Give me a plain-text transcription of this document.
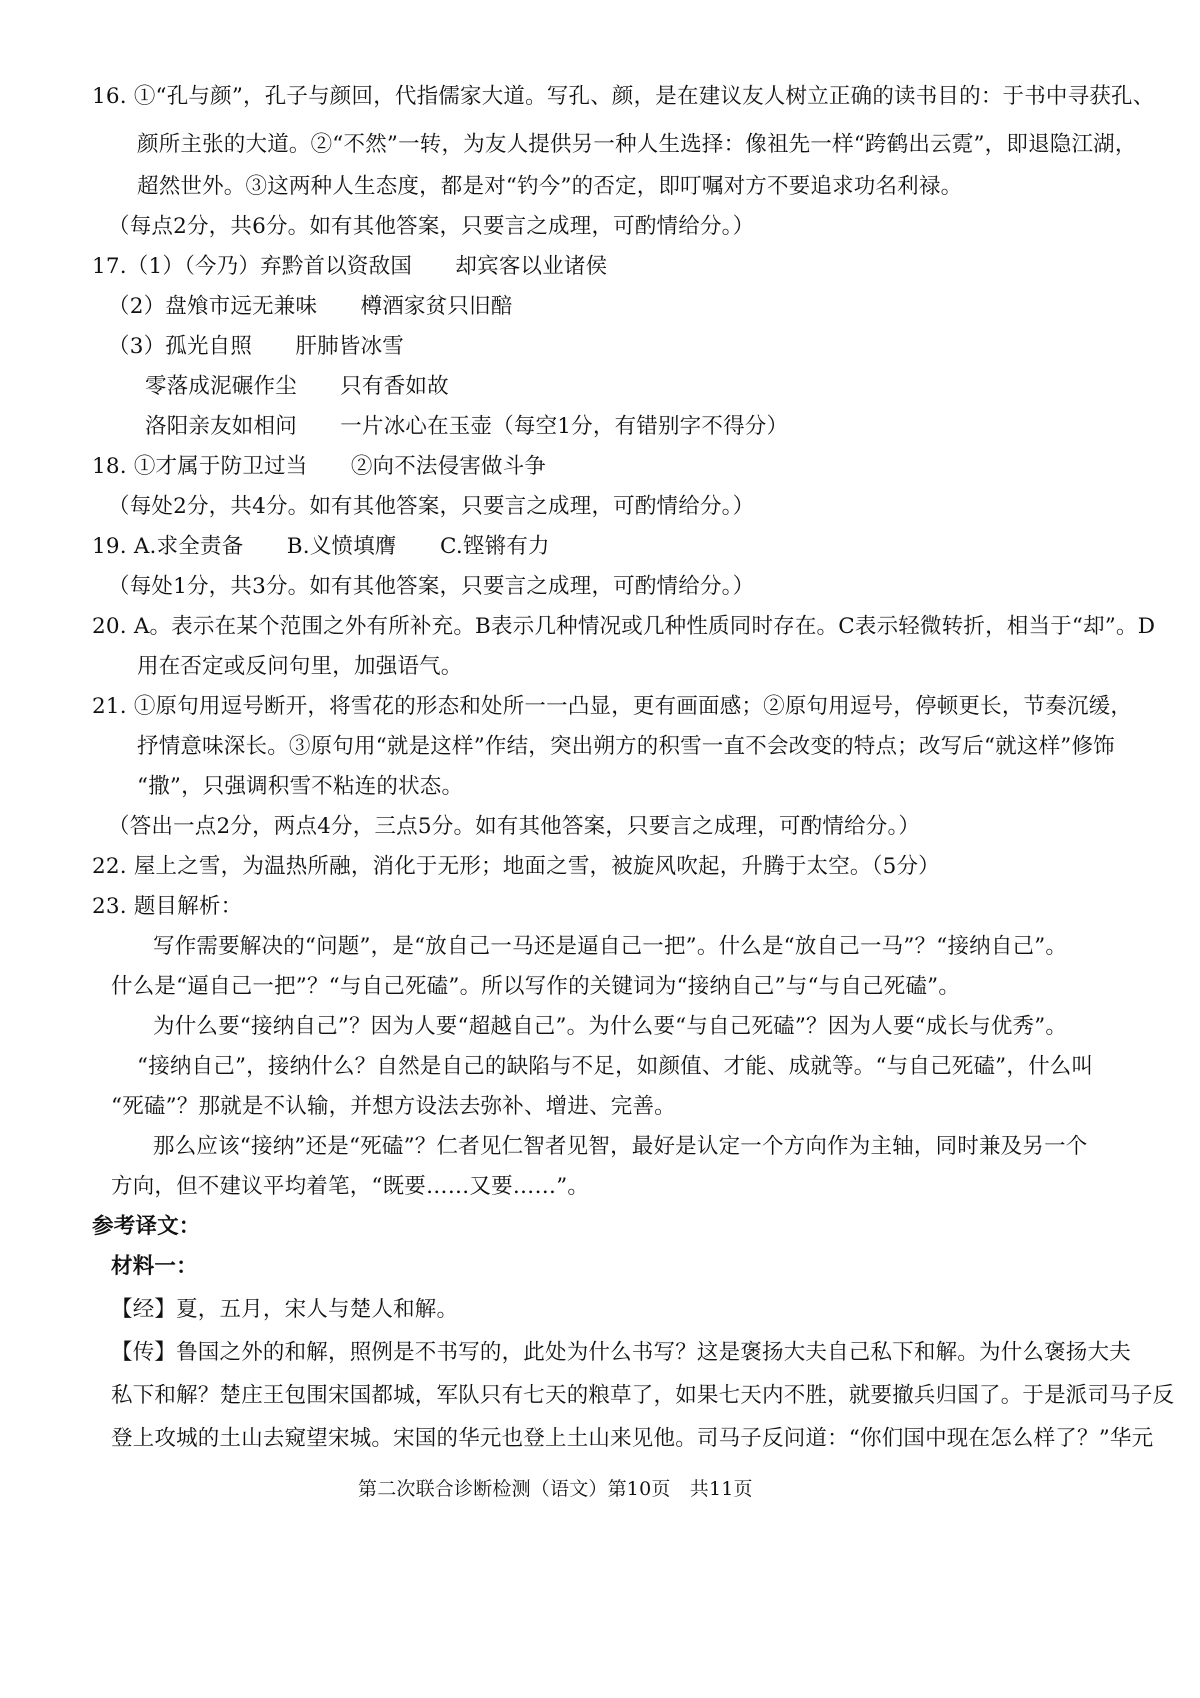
16. ①“孔与颜”，孔子与颜回，代指儒家大道。写孔、颜，是在建议友人树立正确的读书目的：于书中寻获孔、
颜所主张的大道。②“不然”一转，为友人提供另一种人生选择：像祖先一样“跨鹤出云霓”，即退隐江湖，
超然世外。③这两种人生态度，都是对“钓今”的否定，即叮嘱对方不要追求功名利禄。
（每点2分，共6分。如有其他答案，只要言之成理，可酌情给分。）
17.（1）（今乃）弃黔首以资敌国　　却宾客以业诸侯
（2）盘飧市远无兼味　　樽酒家贫只旧醅
（3）孤光自照　　肝肺皆冰雪
零落成泥碾作尘　　只有香如故
洛阳亲友如相问　　一片冰心在玉壶（每空1分，有错别字不得分）
18. ①才属于防卫过当　　②向不法侵害做斗争
（每处2分，共4分。如有其他答案，只要言之成理，可酌情给分。）
19. A.求全责备　　B.义愤填膺　　C.铿锵有力
（每处1分，共3分。如有其他答案，只要言之成理，可酌情给分。）
20. A。表示在某个范围之外有所补充。B表示几种情况或几种性质同时存在。C表示轻微转折，相当于“却”。D
用在否定或反问句里，加强语气。
21. ①原句用逗号断开，将雪花的形态和处所一一凸显，更有画面感；②原句用逗号，停顿更长，节奏沉缓，
抒情意味深长。③原句用“就是这样”作结，突出朔方的积雪一直不会改变的特点；改写后“就这样”修饰
“撒”，只强调积雪不粘连的状态。
（答出一点2分，两点4分，三点5分。如有其他答案，只要言之成理，可酌情给分。）
22. 屋上之雪，为温热所融，消化于无形；地面之雪，被旋风吹起，升腾于太空。（5分）
23. 题目解析：
写作需要解决的“问题”，是“放自己一马还是逼自己一把”。什么是“放自己一马”？“接纳自己”。
什么是“逼自己一把”？“与自己死磕”。所以写作的关键词为“接纳自己”与“与自己死磕”。
为什么要“接纳自己”？因为人要“超越自己”。为什么要“与自己死磕”？因为人要“成长与优秀”。
“接纳自己”，接纳什么？自然是自己的缺陷与不足，如颜值、才能、成就等。“与自己死磕”，什么叫
“死磕”？那就是不认输，并想方设法去弥补、增进、完善。
那么应该“接纳”还是“死磕”？仁者见仁智者见智，最好是认定一个方向作为主轴，同时兼及另一个
方向，但不建议平均着笔，“既要……又要……”。
参考译文：
材料一：
【经】夏，五月，宋人与楚人和解。
【传】鲁国之外的和解，照例是不书写的，此处为什么书写？这是褒扬大夫自己私下和解。为什么褒扬大夫
私下和解？楚庄王包围宋国都城，军队只有七天的粮草了，如果七天内不胜，就要撤兵归国了。于是派司马子反
登上攻城的土山去窥望宋城。宋国的华元也登上土山来见他。司马子反问道：“你们国中现在怎么样了？”华元
第二次联合诊断检测（语文）第10页　共11页
